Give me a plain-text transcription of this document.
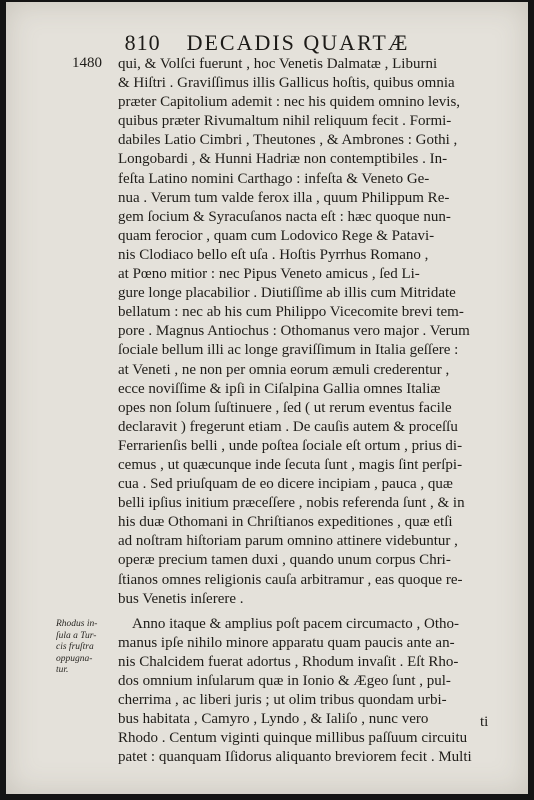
810 DECADIS QUARTÆ
1480 qui, & Volſci fuerunt , hoc Venetis Dalmatæ , Liburni
& Hiſtri . Graviſſimus illis Gallicus hoſtis, quibus omnia
præter Capitolium ademit : nec his quidem omnino levis,
quibus præter Rivumaltum nihil reliquum fecit . Formi-
dabiles Latio Cimbri , Theutones , & Ambrones : Gothi ,
Longobardi , & Hunni Hadriæ non contemptibiles . In-
feſta Latino nomini Carthago : infeſta & Veneto Ge-
nua . Verum tum valde ferox illa , quum Philippum Re-
gem ſocium & Syracuſanos nacta eſt : hæc quoque nun-
quam ferocior , quam cum Lodovico Rege & Patavi-
nis Clodiaco bello eſt uſa . Hoſtis Pyrrhus Romano ,
at Pœno mitior : nec Pipus Veneto amicus , ſed Li-
gure longe placabilior . Diutiſſime ab illis cum Mitridate
bellatum : nec ab his cum Philippo Vicecomite brevi tem-
pore . Magnus Antiochus : Othomanus vero major . Verum
ſociale bellum illi ac longe graviſſimum in Italia geſſere :
at Veneti , ne non per omnia eorum æmuli crederentur ,
ecce noviſſime & ipſi in Ciſalpina Gallia omnes Italiæ
opes non ſolum ſuſtinuere , ſed ( ut rerum eventus facile
declaravit ) fregerunt etiam . De cauſis autem & proceſſu
Ferrarienſis belli , unde poſtea ſociale eſt ortum , prius di-
cemus , ut quæcunque inde ſecuta ſunt , magis ſint perſpi-
cua . Sed priuſquam de eo dicere incipiam , pauca , quæ
belli ipſius initium præceſſere , nobis referenda ſunt , & in
his duæ Othomani in Chriſtianos expeditiones , quæ etſi
ad noſtram hiſtoriam parum omnino attinere videbuntur ,
operæ precium tamen duxi , quando unum corpus Chri-
ſtianos omnes religionis cauſa arbitramur , eas quoque re-
bus Venetis inſerere .
Anno itaque & amplius poſt pacem circumacto , Otho-
manus ipſe nihilo minore apparatu quam paucis ante an-
nis Chalcidem fuerat adortus , Rhodum invaſit . Eſt Rho-
dos omnium inſularum quæ in Ionio & Ægeo ſunt , pul-
cherrima , ac liberi juris ; ut olim tribus quondam urbi-
bus habitata , Camyro , Lyndo , & Ialiſo , nunc vero
Rhodo . Centum viginti quinque millibus paſſuum circuitu
patet : quanquam Iſidorus aliquanto breviorem fecit . Multi
Rhodus in-
ſula a Tur-
cis fruſtra
oppugna-
tur.
ti
